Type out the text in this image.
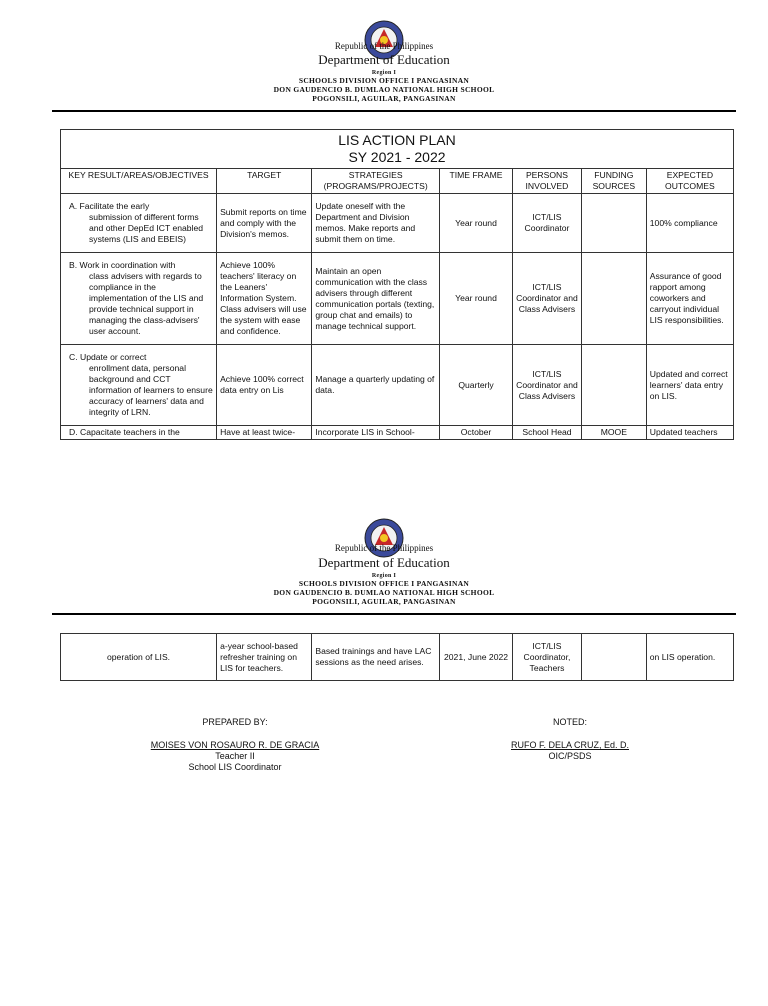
Republic of the Philippines
Department of Education
Region I
SCHOOLS DIVISION OFFICE I PANGASINAN
DON GAUDENCIO B. DUMLAO NATIONAL HIGH SCHOOL
POGONSILI, AGUILAR, PANGASINAN
LIS ACTION PLAN
SY 2021 - 2022						

KEY RESULT/AREAS/OBJECTIVES	TARGET	STRATEGIES (PROGRAMS/PROJECTS)	TIME FRAME	PERSONS INVOLVED	FUNDING SOURCES	EXPECTED OUTCOMES
A. Facilitate the early
submission of different forms and other DepEd ICT enabled systems (LIS and EBEIS)	Submit reports on time and comply with the Division's memos.	Update oneself with the Department and Division memos. Make reports and submit them on time.	Year round	ICT/LIS Coordinator		100% compliance
B. Work in coordination with
class advisers with regards to compliance in the implementation of the LIS and provide technical support in managing the class-advisers' user account.	Achieve 100% teachers' literacy on the Leaners' Information System. Class advisers will use the system with ease and confidence.	Maintain an open communication with the class advisers through different communication portals (texting, group chat and emails) to manage technical support.	Year round	ICT/LIS Coordinator and Class Advisers		Assurance of good rapport among coworkers and carryout individual LIS responsibilities.
C. Update or correct
enrollment data, personal background and CCT information of learners to ensure accuracy of learners' data and integrity of LRN.	Achieve 100% correct data entry on Lis	Manage a quarterly updating of data.	Quarterly	ICT/LIS Coordinator and Class Advisers		Updated and correct learners' data entry on LIS.
D. Capacitate teachers in the	Have at least twice-	Incorporate LIS in School-	October	School Head	MOOE	Updated teachers
Republic of the Philippines
Department of Education
Region I
SCHOOLS DIVISION OFFICE I PANGASINAN
DON GAUDENCIO B. DUMLAO NATIONAL HIGH SCHOOL
POGONSILI, AGUILAR, PANGASINAN
operation of LIS.	a-year school-based refresher training on LIS for teachers.	Based trainings and have LAC sessions as the need arises.	2021, June 2022	ICT/LIS Coordinator, Teachers		on LIS operation.
PREPARED BY:
MOISES VON ROSAURO R. DE GRACIA
Teacher II
School LIS Coordinator
NOTED:
RUFO F. DELA CRUZ, Ed. D.
OIC/PSDS
